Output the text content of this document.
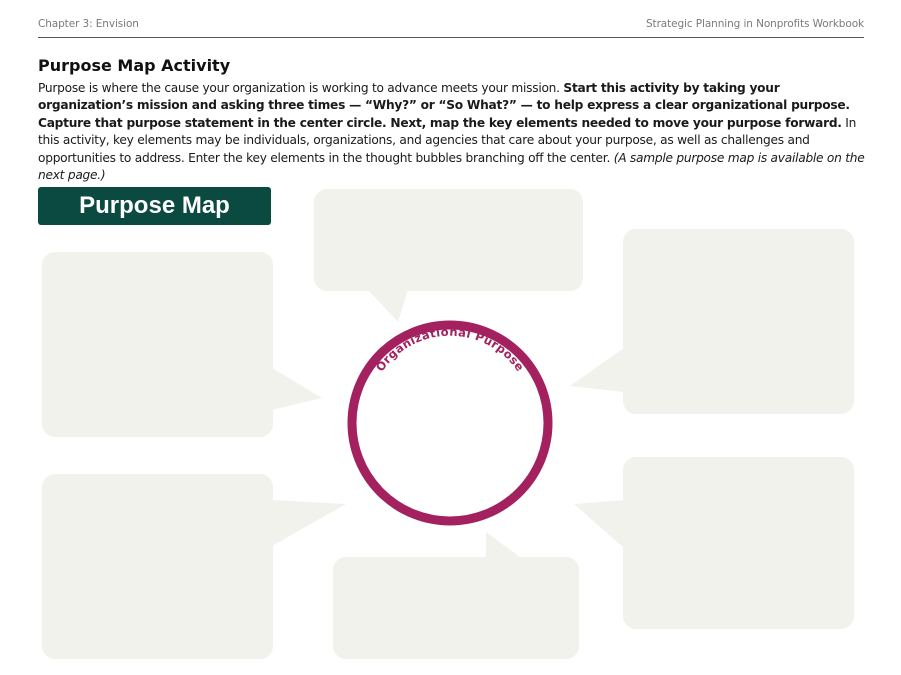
Chapter 3: Envision	Strategic Planning in Nonprofits Workbook
Purpose Map Activity

Purpose is where the cause your organization is working to advance meets your mission. Start this activity by taking your organization’s mission and asking three times — “Why?” or “So What?” — to help express a clear organizational purpose. Capture that purpose statement in the center circle. Next, map the key elements needed to move your purpose forward. In this activity, key elements may be individuals, organizations, and agencies that care about your purpose, as well as challenges and opportunities to address. Enter the key elements in the thought bubbles branching off the center. (A sample purpose map is available on the next page.)

Purpose Map
Organizational Purpose
